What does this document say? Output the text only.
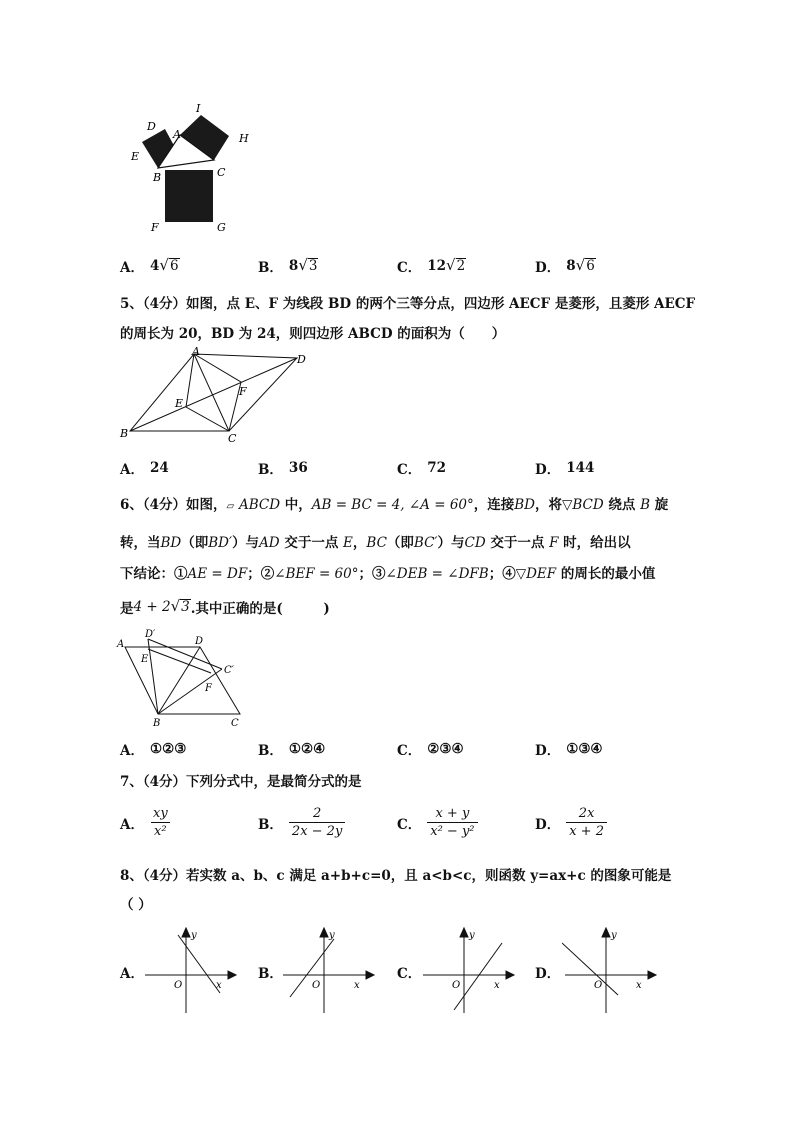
D
A
I
H
E
B	C
F	G
A． 4 √ 6	B． 8 √ 3	C． 12 √ 2	D． 8 √ 6
5、（4分）如图，点 E、F 为线段 BD 的两个三等分点，四边形 AECF 是菱形，且菱形 AECF
的周长为 20，BD 为 24，则四边形 ABCD 的面积为（　　）
A
D
E
F
B	C
A． 24	B． 36	C． 72	D． 144
6、（4分）如图，▱ ABCD 中，AB = BC = 4, ∠A = 60°，连接BD，将▽BCD 绕点 B 旋
转，当BD（即BD′）与AD 交于一点 E，BC（即BC′）与CD 交于一点 F 时，给出以
下结论：①AE = DF；②∠BEF = 60°；③∠DEB = ∠DFB；④▽DEF 的周长的最小值
是 4 + 2 √ 3 .其中正确的是(　　　)
A
D′
D
E
C′
F
B	C
A． ①②③	B． ①②④	C． ②③④	D． ①③④
7、（4分）下列分式中，是最简分式的是
A． $\frac{xy}{\text{x²}}$	B． $\frac{2}{2x - 2y}$	C． $\frac{x + y}{\text{x² − y²}}$	D． $\frac{2x}{x + 2}$
8、（4分）若实数 a、b、c 满足 a+b+c=0，且 a<b<c，则函数 y=ax+c 的图象可能是
（ ）
A．
y
x
O
B．
y
x
O
C．
y
x
O
D．
y
x
O
